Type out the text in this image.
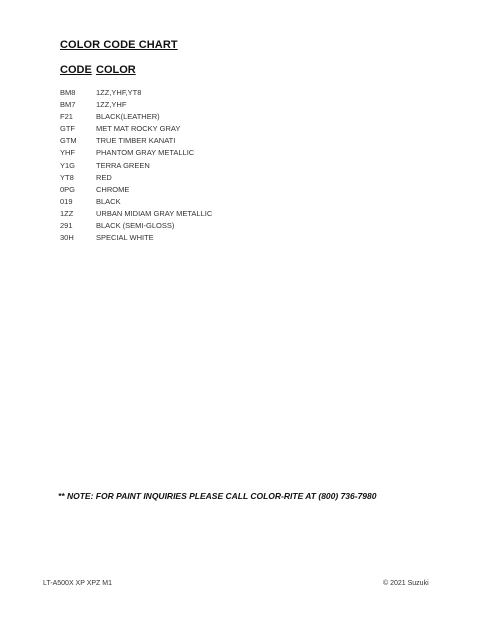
COLOR CODE CHART
CODE COLOR
BM8	1ZZ,YHF,YT8
BM7	1ZZ,YHF
F21	BLACK(LEATHER)
GTF	MET MAT ROCKY GRAY
GTM	TRUE TIMBER KANATI
YHF	PHANTOM GRAY METALLIC
Y1G	TERRA GREEN
YT8	RED
0PG	CHROME
019	BLACK
1ZZ	URBAN MIDIAM GRAY METALLIC
291	BLACK (SEMI-GLOSS)
30H	SPECIAL WHITE
** NOTE: FOR PAINT INQUIRIES PLEASE CALL COLOR-RITE AT (800) 736-7980
LT-A500X XP XPZ M1	© 2021 Suzuki
